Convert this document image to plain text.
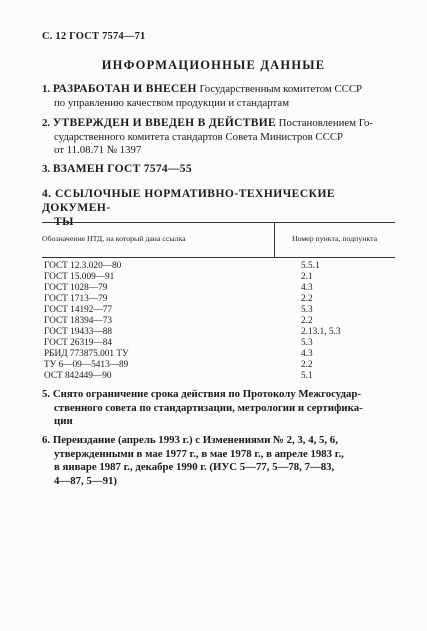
С. 12 ГОСТ 7574—71
ИНФОРМАЦИОННЫЕ ДАННЫЕ
1. РАЗРАБОТАН И ВНЕСЕН Государственным комитетом СССР
по управлению качеством продукции и стандартам
2. УТВЕРЖДЕН И ВВЕДЕН В ДЕЙСТВИЕ Постановлением Го-
сударственного комитета стандартов Совета Министров СССР
от 11.08.71 № 1397
3. ВЗАМЕН ГОСТ 7574—55
4. ССЫЛОЧНЫЕ НОРМАТИВНО-ТЕХНИЧЕСКИЕ ДОКУМЕН-
ТЫ
Обозначение НТД, на который дана ссылка	Номер пункта, подпункта
ГОСТ 12.3.020—80	5.5.1
ГОСТ 15.009—91	2.1
ГОСТ 1028—79	4.3
ГОСТ 1713—79	2.2
ГОСТ 14192—77	5.3
ГОСТ 18394—73	2.2
ГОСТ 19433—88	2.13.1, 5.3
ГОСТ 26319—84	5.3
РБИД 773875.001 ТУ	4.3
ТУ 6—09—5413—89	2.2
ОСТ 842449—90	5.1
5. Снято ограничение срока действия по Протоколу Межгосудар-
ственного совета по стандартизации, метрологии и сертифика-
ции
6. Переиздание (апрель 1993 г.) с Изменениями № 2, 3, 4, 5, 6,
утвержденными в мае 1977 г., в мае 1978 г., в апреле 1983 г.,
в январе 1987 г., декабре 1990 г. (ИУС 5—77, 5—78, 7—83,
4—87, 5—91)
